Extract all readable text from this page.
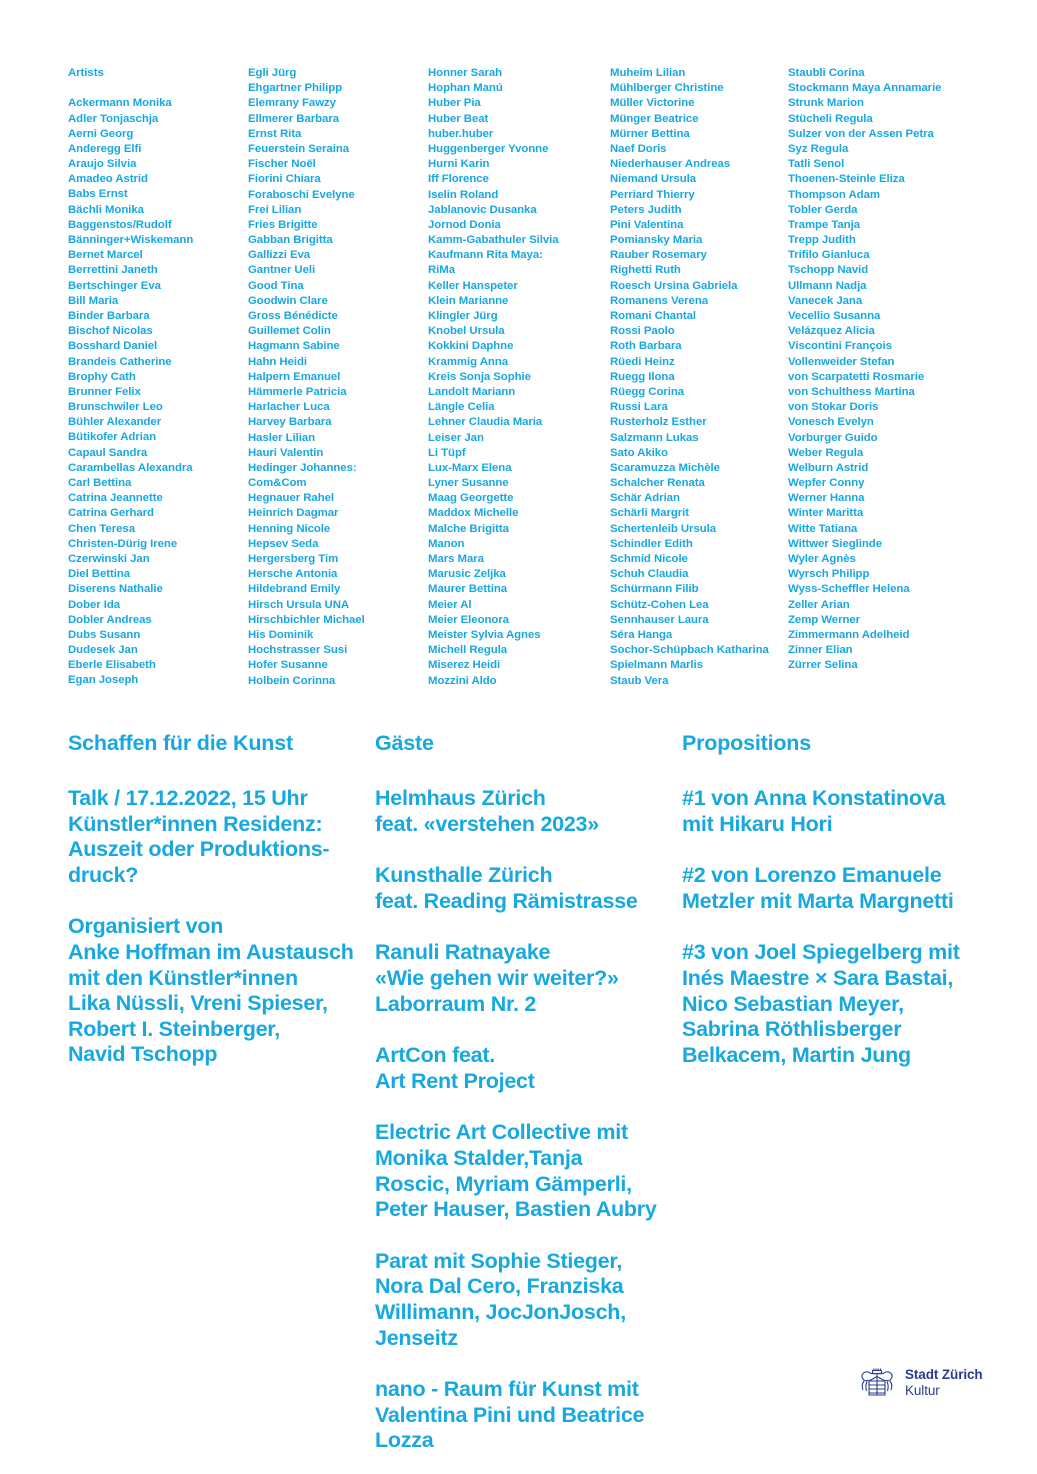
Artists
Ackermann Monika
Adler Tonjaschja
Aerni Georg
Anderegg Elfi
Araujo Silvia
Amadeo Astrid
Babs Ernst
Bächli Monika
Baggenstos/Rudolf
Bänninger+Wiskemann
Bernet Marcel
Berrettini Janeth
Bertschinger Eva
Bill Maria
Binder Barbara
Bischof Nicolas
Bosshard Daniel
Brandeis Catherine
Brophy Cath
Brunner Felix
Brunschwiler Leo
Bühler Alexander
Bütikofer Adrian
Capaul Sandra
Carambellas Alexandra
Carl Bettina
Catrina Jeannette
Catrina Gerhard
Chen Teresa
Christen-Dürig Irene
Czerwinski Jan
Diel Bettina
Diserens Nathalie
Dober Ida
Dobler Andreas
Dubs Susann
Dudesek Jan
Eberle Elisabeth
Egan Joseph
Egli Jürg
Ehgartner Philipp
Elemrany Fawzy
Ellmerer Barbara
Ernst Rita
Feuerstein Seraina
Fischer Noël
Fiorini Chiara
Foraboschi Evelyne
Frei Lilian
Fries Brigitte
Gabban Brigitta
Gallizzi Eva
Gantner Ueli
Good Tina
Goodwin Clare
Gross Bénédicte
Guillemet Colin
Hagmann Sabine
Hahn Heidi
Halpern Emanuel
Hämmerle Patricia
Harlacher Luca
Harvey Barbara
Hasler Lilian
Hauri Valentin
Hedinger Johannes:
Com&Com
Hegnauer Rahel
Heinrich Dagmar
Henning Nicole
Hepsev Seda
Hergersberg Tim
Hersche Antonia
Hildebrand Emily
Hirsch Ursula UNA
Hirschbichler Michael
His Dominik
Hochstrasser Susi
Hofer Susanne
Holbein Corinna
Honner Sarah
Hophan Manú
Huber Pia
Huber Beat
huber.huber
Huggenberger Yvonne
Hurni Karin
Iff Florence
Iselin Roland
Jablanovic Dusanka
Jornod Donia
Kamm-Gabathuler Silvia
Kaufmann Rita Maya:
RiMa
Keller Hanspeter
Klein Marianne
Klingler Jürg
Knobel Ursula
Kokkini Daphne
Krammig Anna
Kreis Sonja Sophie
Landolt Mariann
Längle Celia
Lehner Claudia Maria
Leiser Jan
Li Tüpf
Lux-Marx Elena
Lyner Susanne
Maag Georgette
Maddox Michelle
Malche Brigitta
Manon
Mars Mara
Marusic Zeljka
Maurer Bettina
Meier Al
Meier Eleonora
Meister Sylvia Agnes
Michell Regula
Miserez Heidi
Mozzini Aldo
Muheim Lilian
Mühlberger Christine
Müller Victorine
Münger Beatrice
Mürner Bettina
Naef Doris
Niederhauser Andreas
Niemand Ursula
Perriard Thierry
Peters Judith
Pini Valentina
Pomiansky Maria
Rauber Rosemary
Righetti Ruth
Roesch Ursina Gabriela
Romanens Verena
Romani Chantal
Rossi Paolo
Roth Barbara
Rüedi Heinz
Ruegg Ilona
Rüegg Corina
Russi Lara
Rusterholz Esther
Salzmann Lukas
Sato Akiko
Scaramuzza Michèle
Schalcher Renata
Schär Adrian
Schärli Margrit
Schertenleib Ursula
Schindler Edith
Schmid Nicole
Schuh Claudia
Schürmann Filib
Schütz-Cohen Lea
Sennhauser Laura
Séra Hanga
Sochor-Schüpbach Katharina
Spielmann Marlis
Staub Vera
Staubli Corina
Stockmann Maya Annamarie
Strunk Marion
Stücheli Regula
Sulzer von der Assen Petra
Syz Regula
Tatli Senol
Thoenen-Steinle Eliza
Thompson Adam
Tobler Gerda
Trampe Tanja
Trepp Judith
Trifilo Gianluca
Tschopp Navid
Ullmann Nadja
Vanecek Jana
Vecellio Susanna
Velázquez Alicia
Viscontini François
Vollenweider Stefan
von Scarpatetti Rosmarie
von Schulthess Martina
von Stokar Doris
Vonesch Evelyn
Vorburger Guido
Weber Regula
Welburn Astrid
Wepfer Conny
Werner Hanna
Winter Maritta
Witte Tatiana
Wittwer Sieglinde
Wyler Agnès
Wyrsch Philipp
Wyss-Scheffler Helena
Zeller Arian
Zemp Werner
Zimmermann Adelheid
Zinner Elian
Zürrer Selina
Schaffen für die Kunst
Talk / 17.12.2022, 15 Uhr
Künstler*innen Residenz:
Auszeit oder Produktions-
druck?
Organisiert von
Anke Hoffman im Austausch
mit den Künstler*innen
Lika Nüssli, Vreni Spieser,
Robert I. Steinberger,
Navid Tschopp
Gäste
Helmhaus Zürich
feat. «verstehen 2023»
Kunsthalle Zürich
feat. Reading Rämistrasse
Ranuli Ratnayake
«Wie gehen wir weiter?»
Laborraum Nr. 2
ArtCon feat.
Art Rent Project
Electric Art Collective mit
Monika Stalder,Tanja
Roscic, Myriam Gämperli,
Peter Hauser, Bastien Aubry
Parat mit Sophie Stieger,
Nora Dal Cero, Franziska
Willimann, JocJonJosch,
Jenseitz
nano - Raum für Kunst mit
Valentina Pini und Beatrice
Lozza
Propositions
#1 von Anna Konstatinova
mit Hikaru Hori
#2 von Lorenzo Emanuele
Metzler mit Marta Margnetti
#3 von Joel Spiegelberg mit
Inés Maestre × Sara Bastai,
Nico Sebastian Meyer,
Sabrina Röthlisberger
Belkacem, Martin Jung
Stadt Zürich
Kultur
